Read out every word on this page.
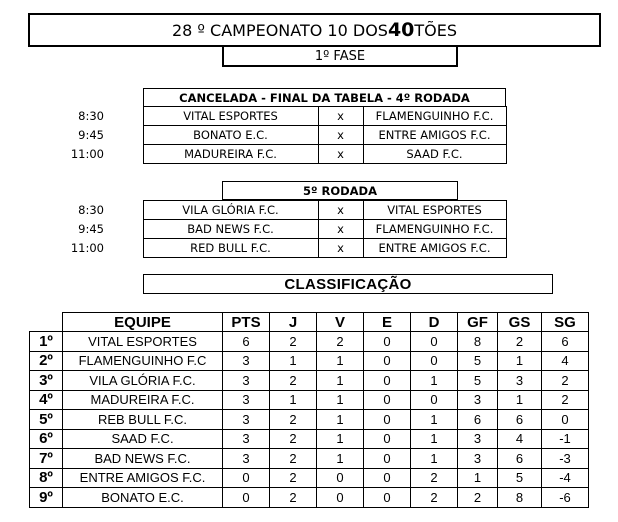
28 º CAMPEONATO 10 DOS 40 TÕES
1º FASE
CANCELADA - FINAL DA TABELA - 4º RODADA
8:30	VITAL ESPORTES	x	FLAMENGUINHO F.C.
9:45	BONATO E.C.	x	ENTRE AMIGOS F.C.
11:00	MADUREIRA F.C.	x	SAAD F.C.
5º RODADA
8:30	VILA GLÓRIA F.C.	x	VITAL ESPORTES
9:45	BAD NEWS F.C.	x	FLAMENGUINHO F.C.
11:00	RED BULL F.C.	x	ENTRE AMIGOS F.C.
CLASSIFICAÇÃO
	EQUIPE	PTS	J	V	E	D	GF	GS	SG
1º	VITAL ESPORTES	6	2	2	0	0	8	2	6
2º	FLAMENGUINHO F.C	3	1	1	0	0	5	1	4
3º	VILA GLÓRIA F.C.	3	2	1	0	1	5	3	2
4º	MADUREIRA F.C.	3	1	1	0	0	3	1	2
5º	REB BULL F.C.	3	2	1	0	1	6	6	0
6º	SAAD F.C.	3	2	1	0	1	3	4	-1
7º	BAD NEWS F.C.	3	2	1	0	1	3	6	-3
8º	ENTRE AMIGOS F.C.	0	2	0	0	2	1	5	-4
9º	BONATO E.C.	0	2	0	0	2	2	8	-6
